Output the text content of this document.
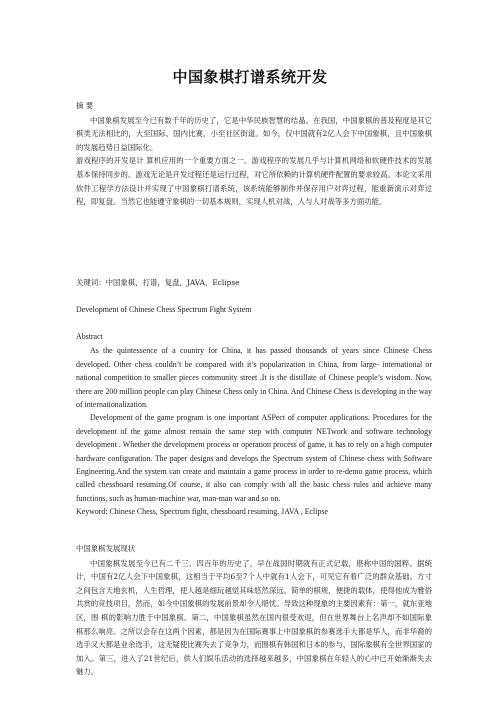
中国象棋打谱系统开发

摘 要

中国象棋发展至今已有数千年的历史了，它是中华民族智慧的结晶。在我国，中国象棋的普及程度是其它棋类无法相比的，大至国际、国内比赛，小至社区街道。如今，仅中国就有2亿人会下中国象棋，且中国象棋的发展趋势日益国际化。

游戏程序的开发是计 算机应用的一个重要方面之一。游戏程序的发展几乎与计算机网络和软硬件技术的发展基本保持同步的。游戏无论是开发过程还是运行过程，对它所依赖的计算机硬件配置的要求较高。本论文采用软件工程学方法设计并实现了中国象棋打谱系统，该系统能够制作并保存用户对弈过程，能重新演示对弈过程，即复盘。当然它也能遵守象棋的一切基本规则，实现人机对战，人与人对战等多方面功能。

关键词：中国象棋，打谱，复盘，JAVA，Eclipse
Development of Chinese Chess Spectrum Fight System

Abstract

As the quintessence of a country for China, it has passed thousands of years since Chinese Chess developed. Other chess couldn’t be compared with it’s popularization in China, from large- international or national competition to smaller pieces community street .It is the distillate of Chinese people’s wisdom. Now, there are 200 million people can play Chinese Chess only in China. And Chinese Chess is developing in the way of internationalization.

Development of the game program is one important ASPect of computer applications. Procedures for the development of the game almost remain the same step with computer NETwork and software technology development . Whether the development process or operation process of game, it has to rely on a high computer hardware configuration. The paper designs and develops the Spectrum system of Chinese chess with Software Engineering.And the system can create and maintain a game process in order to re-demo game process, which called chessboard resuming.Of course, it also can comply with all the basic chess rules and achieve many functions, such as human-machine war, man-man war and so on.

Keyword: Chinese Chess, Spectrum fight, chessboard resuming, JAVA , Eclipse

中国象棋发展现状

中国象棋发展至今已有二千三、四百年的历史了，早在战国时期就有正式记载，堪称中国的国粹。据统计，中国有2亿人会下中国象棋，这相当于平均6至7个人中就有1人会下，可见它有着广泛的群众基础。方寸之间包含天地玄机，人生哲理，使人越是细玩越觉其味悠然深远。简单的棋规，便捷的载体，使得他成为雅俗共赏的竞技项目，然而，如今中国象棋的发展前景却令人堪忧。导致这种现象的主要因素有：第一，就东亚地区，围 棋的影响力胜于中国象棋。第二，中国象棋虽然在国内很受欢迎，但在世界舞台上名声却不如国际象棋那么响亮。之所以会存在这两个因素，都是因为在国际赛事上中国象棋的参赛选手大都是华人，而非华裔的选手又大都是业余选手，这无疑使比赛失去了竞争力，而围棋有韩国和日本的参与，国际象棋有全世界国家的加入。第三，进入了21世纪后，供人们娱乐活动的选择越来越多，中国象棋在年轻人的心中已开始渐渐失去魅力。
